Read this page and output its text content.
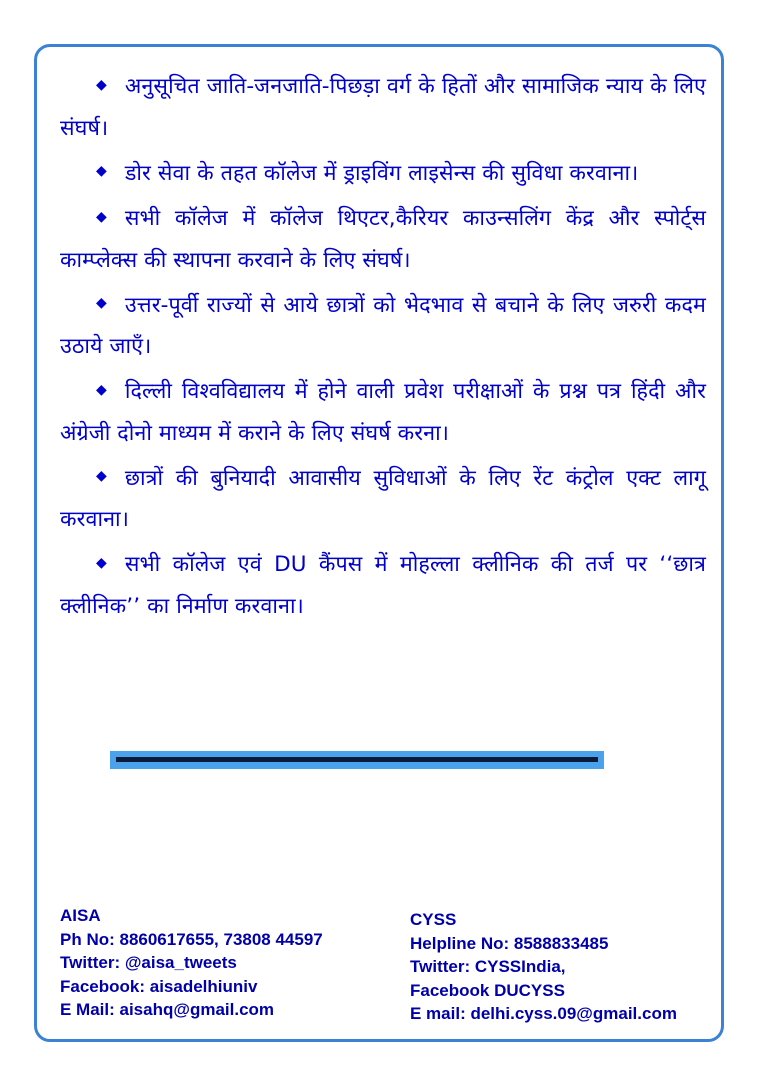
◆ अनुसूचित जाति-जनजाति-पिछड़ा वर्ग के हितों और सामाजिक न्याय के लिए संघर्ष।
◆ डोर सेवा के तहत कॉलेज में ड्राइविंग लाइसेन्स की सुविधा करवाना।
◆ सभी कॉलेज में कॉलेज थिएटर,कैरियर काउन्सलिंग केंद्र और स्पोर्ट्स काम्प्लेक्स की स्थापना करवाने के लिए संघर्ष।
◆ उत्तर-पूर्वी राज्यों से आये छात्रों को भेदभाव से बचाने के लिए जरुरी कदम उठाये जाएँ।
◆ दिल्ली विश्वविद्यालय में होने वाली प्रवेश परीक्षाओं के प्रश्न पत्र हिंदी और अंग्रेजी दोनो माध्यम में कराने के लिए संघर्ष करना।
◆ छात्रों की बुनियादी आवासीय सुविधाओं के लिए रेंट कंट्रोल एक्ट लागू करवाना।
◆ सभी कॉलेज एवं DU कैंपस में मोहल्ला क्लीनिक की तर्ज पर ‘‘छात्र क्लीनिक’’ का निर्माण करवाना।
AISA
Ph No: 8860617655, 73808 44597
Twitter: @aisa_tweets
Facebook: aisadelhiuniv
E Mail: aisahq@gmail.com
CYSS
Helpline No: 8588833485
Twitter: CYSSIndia,
Facebook DUCYSS
E mail: delhi.cyss.09@gmail.com
